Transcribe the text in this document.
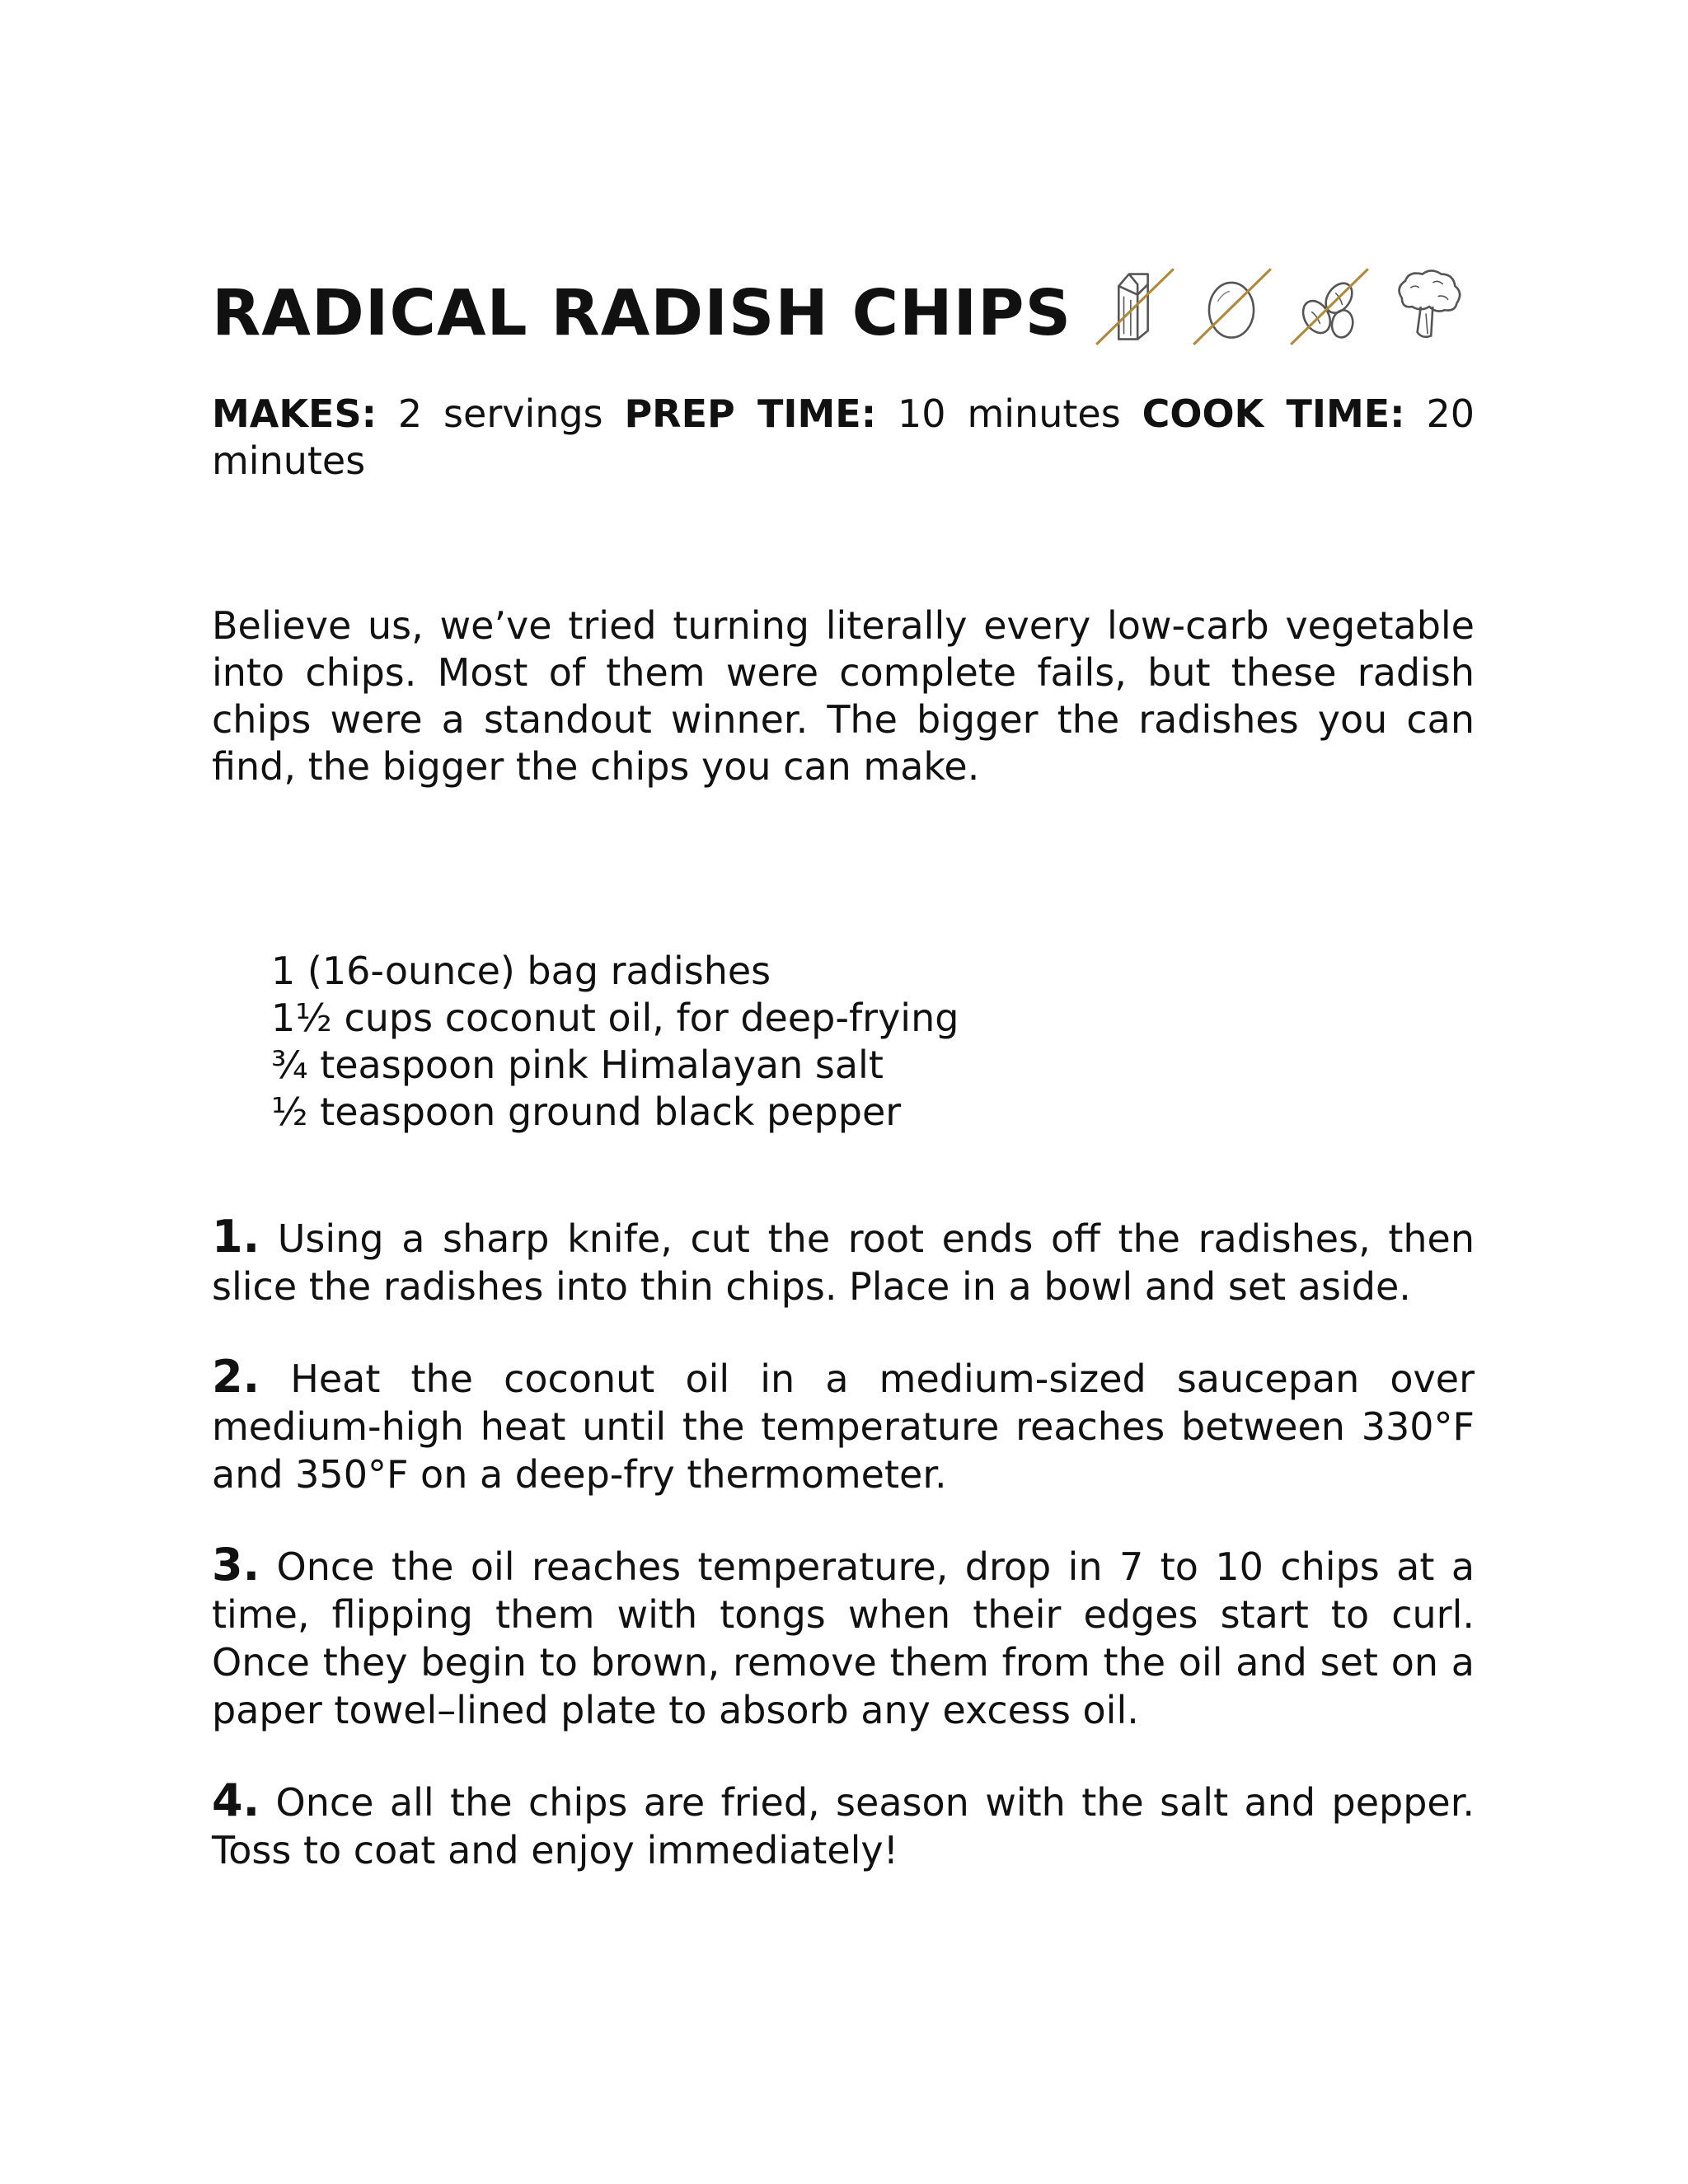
RADICAL RADISH CHIPS
MAKES: 2 servings PREP TIME: 10 minutes COOK TIME: 20 minutes

Believe us, we’ve tried turning literally every low-carb vegetable into chips. Most of them were complete fails, but these radish chips were a standout winner. The bigger the radishes you can find, the bigger the chips you can make.

1 (16-ounce) bag radishes
1½ cups coconut oil, for deep-frying
¾ teaspoon pink Himalayan salt
½ teaspoon ground black pepper
1. Using a sharp knife, cut the root ends off the radishes, then slice the radishes into thin chips. Place in a bowl and set aside.
2. Heat the coconut oil in a medium-sized saucepan over medium-high heat until the temperature reaches between 330°F and 350°F on a deep-fry thermometer.
3. Once the oil reaches temperature, drop in 7 to 10 chips at a time, flipping them with tongs when their edges start to curl. Once they begin to brown, remove them from the oil and set on a paper towel–lined plate to absorb any excess oil.
4. Once all the chips are fried, season with the salt and pepper. Toss to coat and enjoy immediately!
